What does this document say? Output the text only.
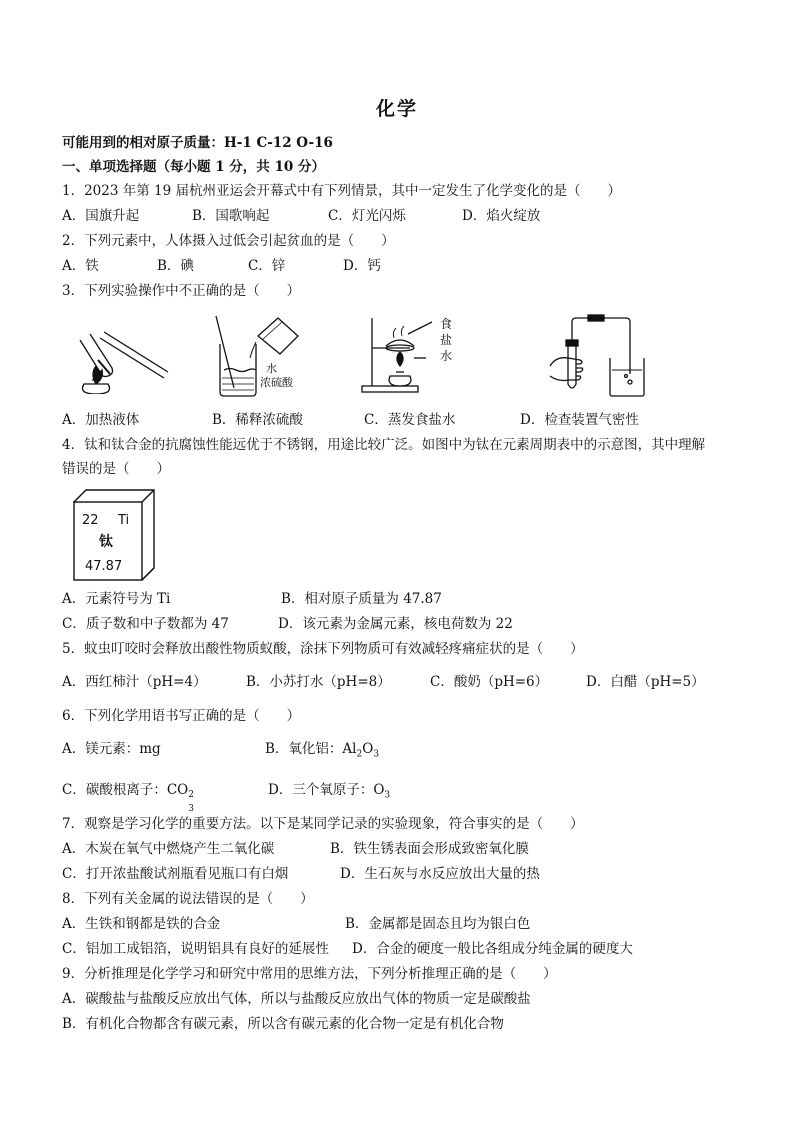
化学
可能用到的相对原子质量：H-1 C-12 O-16
一、单项选择题（每小题 1 分，共 10 分）
1．2023 年第 19 届杭州亚运会开幕式中有下列情景，其中一定发生了化学变化的是（　　）
A．国旗升起	B．国歌响起	C．灯光闪烁	D．焰火绽放
2．下列元素中，人体摄入过低会引起贫血的是（　　）
A．铁	B．碘	C．锌	D．钙
3．下列实验操作中不正确的是（　　）
水
浓硫酸
食
盐
水
A．加热液体	B．稀释浓硫酸	C．蒸发食盐水	D．检查装置气密性
4．钛和钛合金的抗腐蚀性能远优于不锈钢，用途比较广泛。如图中为钛在元素周期表中的示意图，其中理解
错误的是（　　）
22 Ti
钛
47.87
A．元素符号为 Ti	B．相对原子质量为 47.87
C．质子数和中子数都为 47	D．该元素为金属元素，核电荷数为 22
5．蚊虫叮咬时会释放出酸性物质蚁酸，涂抹下列物质可有效减轻疼痛症状的是（　　）
A．西红柿汁（pH=4）	B．小苏打水（pH=8）	C．酸奶（pH=6）	D．白醋（pH=5）
6．下列化学用语书写正确的是（　　）
A．镁元素：mg	B．氧化铝：$Al_2O_3$
C．碳酸根离子：CO 2
3
D．三个氧原子：$O_3$
7．观察是学习化学的重要方法。以下是某同学记录的实验现象，符合事实的是（　　）
A．木炭在氧气中燃烧产生二氧化碳	B．铁生锈表面会形成致密氧化膜
C．打开浓盐酸试剂瓶看见瓶口有白烟	D．生石灰与水反应放出大量的热
8．下列有关金属的说法错误的是（　　）
A．生铁和钢都是铁的合金	B．金属都是固态且均为银白色
C．铝加工成铝箔，说明铝具有良好的延展性 D．合金的硬度一般比各组成分纯金属的硬度大
9．分析推理是化学学习和研究中常用的思维方法，下列分析推理正确的是（　　）
A．碳酸盐与盐酸反应放出气体，所以与盐酸反应放出气体的物质一定是碳酸盐
B．有机化合物都含有碳元素，所以含有碳元素的化合物一定是有机化合物
